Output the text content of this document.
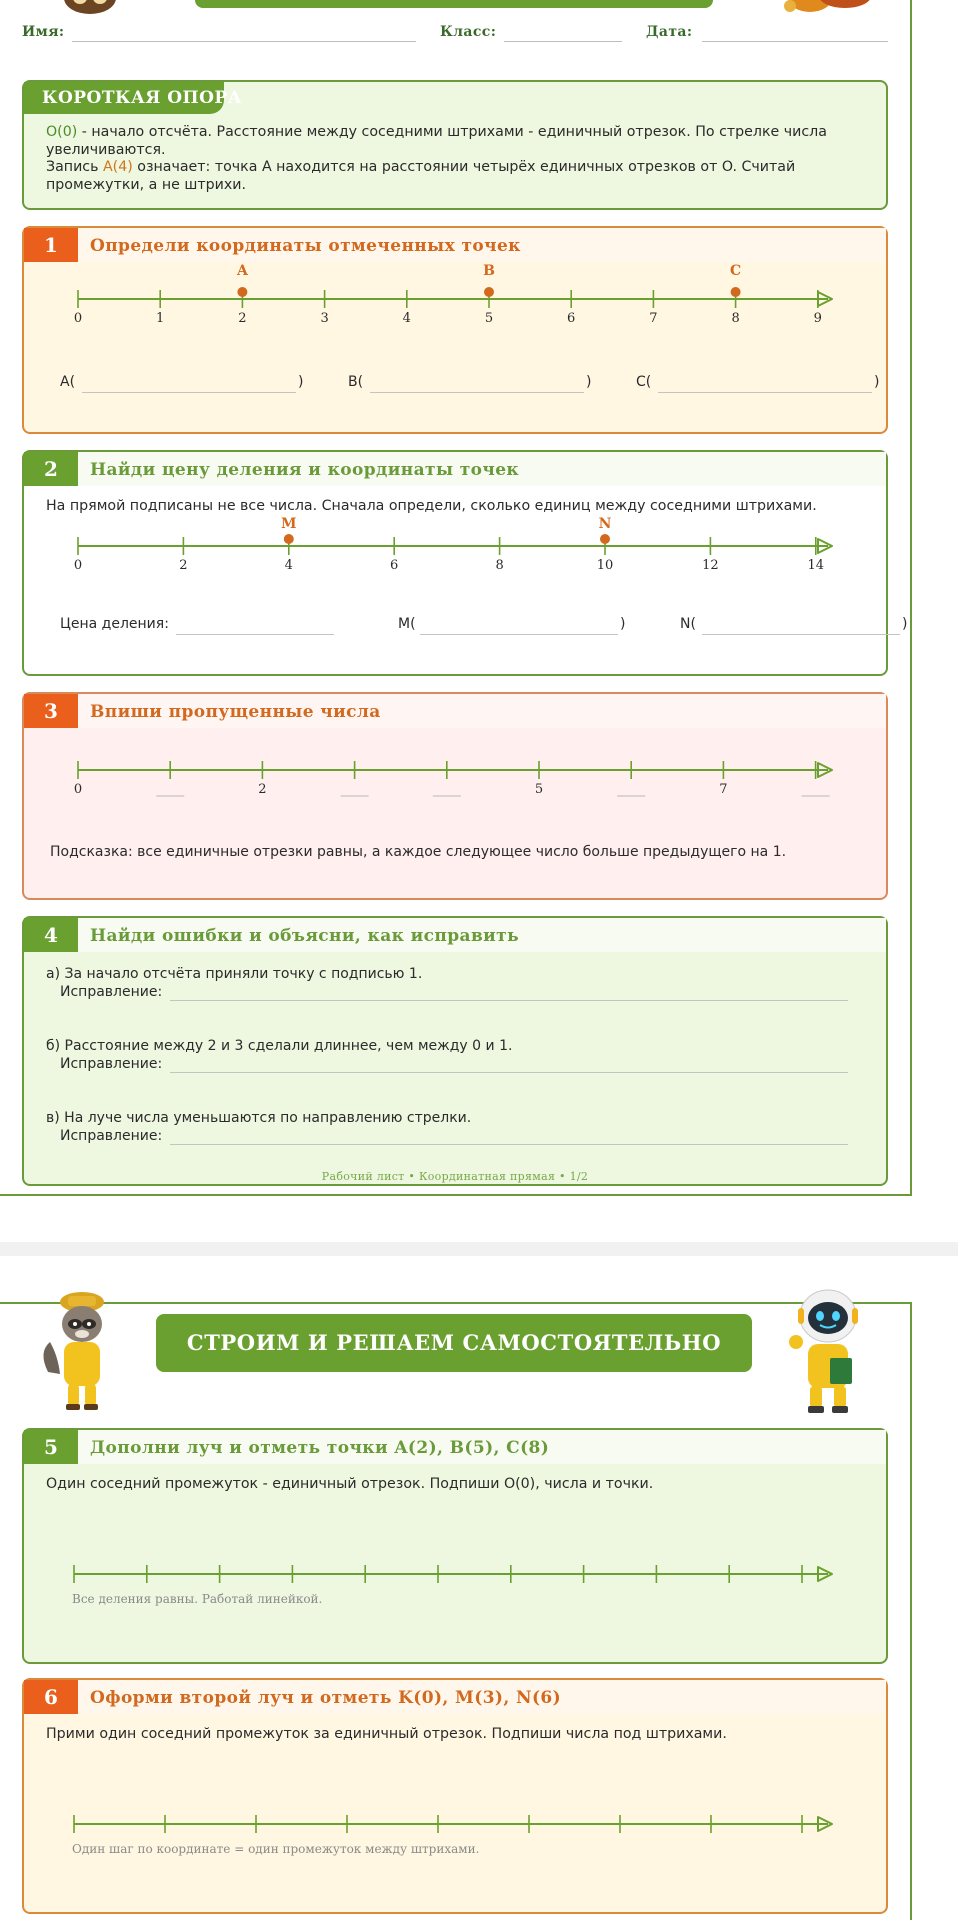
Имя:	Класс:	Дата:
КОРОТКАЯ ОПОРА
O(0) - начало отсчёта. Расстояние между соседними штрихами - единичный отрезок. По стрелке числа увеличиваются.
Запись A(4) означает: точка A находится на расстоянии четырёх единичных отрезков от O. Считай промежутки, а не штрихи.
1	Определи координаты отмеченных точек
0	1	2	3	4	5	6	7	8	9
A	B	C
A(	)	B(	)	C(	)
2	Найди цену деления и координаты точек
На прямой подписаны не все числа. Сначала определи, сколько единиц между соседними штрихами.
0	2	4	6	8	10	12	14
M	N
Цена деления:	M(	)	N(	)
3	Впиши пропущенные числа
0	2	5	7
Подсказка: все единичные отрезки равны, а каждое следующее число больше предыдущего на 1.
4	Найди ошибки и объясни, как исправить
а) За начало отсчёта приняли точку с подписью 1.
Исправление:
б) Расстояние между 2 и 3 сделали длиннее, чем между 0 и 1.
Исправление:
в) На луче числа уменьшаются по направлению стрелки.
Исправление:
Рабочий лист • Координатная прямая • 1/2
СТРОИМ И РЕШАЕМ САМОСТОЯТЕЛЬНО
5	Дополни луч и отметь точки A(2), B(5), C(8)
Один соседний промежуток - единичный отрезок. Подпиши O(0), числа и точки.
Все деления равны. Работай линейкой.
6	Оформи второй луч и отметь K(0), M(3), N(6)
Прими один соседний промежуток за единичный отрезок. Подпиши числа под штрихами.
Один шаг по координате = один промежуток между штрихами.
